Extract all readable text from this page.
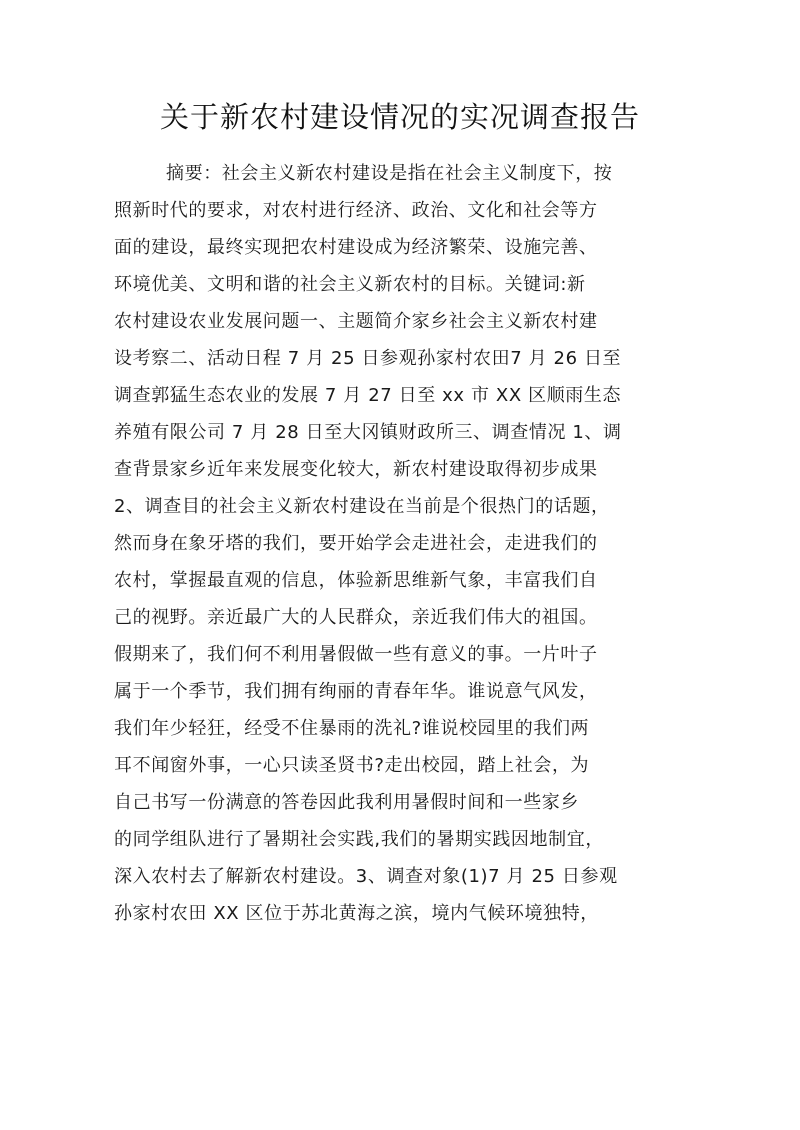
关于新农村建设情况的实况调查报告
摘要：社会主义新农村建设是指在社会主义制度下，按
照新时代的要求，对农村进行经济、政治、文化和社会等方
面的建设，最终实现把农村建设成为经济繁荣、设施完善、
环境优美、文明和谐的社会主义新农村的目标。关键词:新
农村建设农业发展问题一、主题简介家乡社会主义新农村建
设考察二、活动日程 7 月 25 日参观孙家村农田7 月 26 日至
调查郭猛生态农业的发展 7 月 27 日至 xx 市 XX 区顺雨生态
养殖有限公司 7 月 28 日至大冈镇财政所三、调查情况 1、调
查背景家乡近年来发展变化较大，新农村建设取得初步成果
2、调查目的社会主义新农村建设在当前是个很热门的话题，
然而身在象牙塔的我们，要开始学会走进社会，走进我们的
农村，掌握最直观的信息，体验新思维新气象，丰富我们自
己的视野。亲近最广大的人民群众，亲近我们伟大的祖国。
假期来了，我们何不利用暑假做一些有意义的事。一片叶子
属于一个季节，我们拥有绚丽的青春年华。谁说意气风发，
我们年少轻狂，经受不住暴雨的洗礼?谁说校园里的我们两
耳不闻窗外事，一心只读圣贤书?走出校园，踏上社会，为
自己书写一份满意的答卷因此我利用暑假时间和一些家乡
的同学组队进行了暑期社会实践,我们的暑期实践因地制宜，
深入农村去了解新农村建设。3、调查对象(1)7 月 25 日参观
孙家村农田 XX 区位于苏北黄海之滨，境内气候环境独特，
